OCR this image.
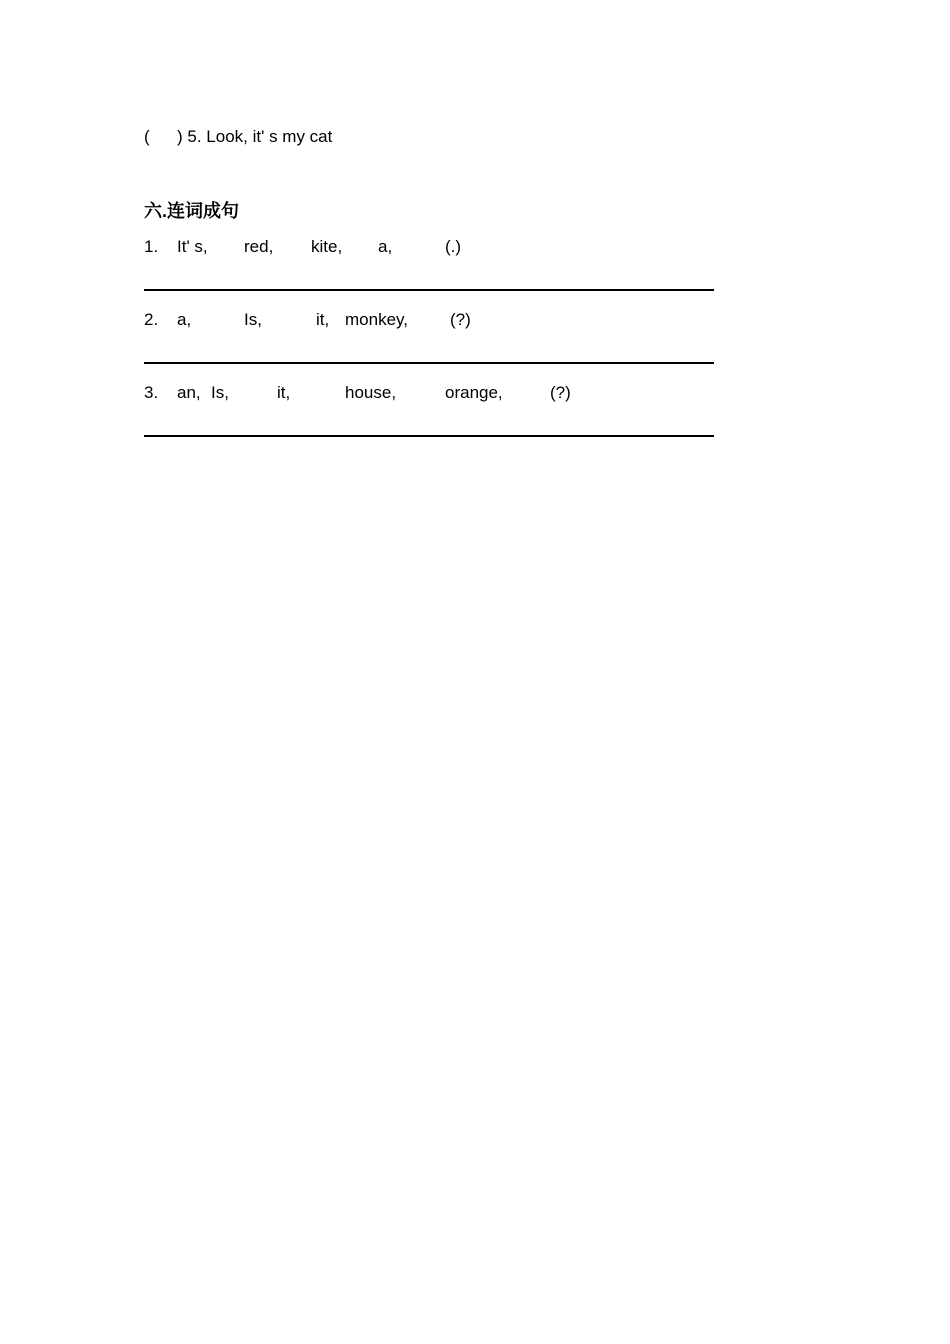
( ) 5. Look, it' s my cat
六.连词成句
1. It' s, red, kite, a,	(.)
2. a,	Is,	it, monkey, (?)
3. an, Is,	it,	house,	orange,	(?)
